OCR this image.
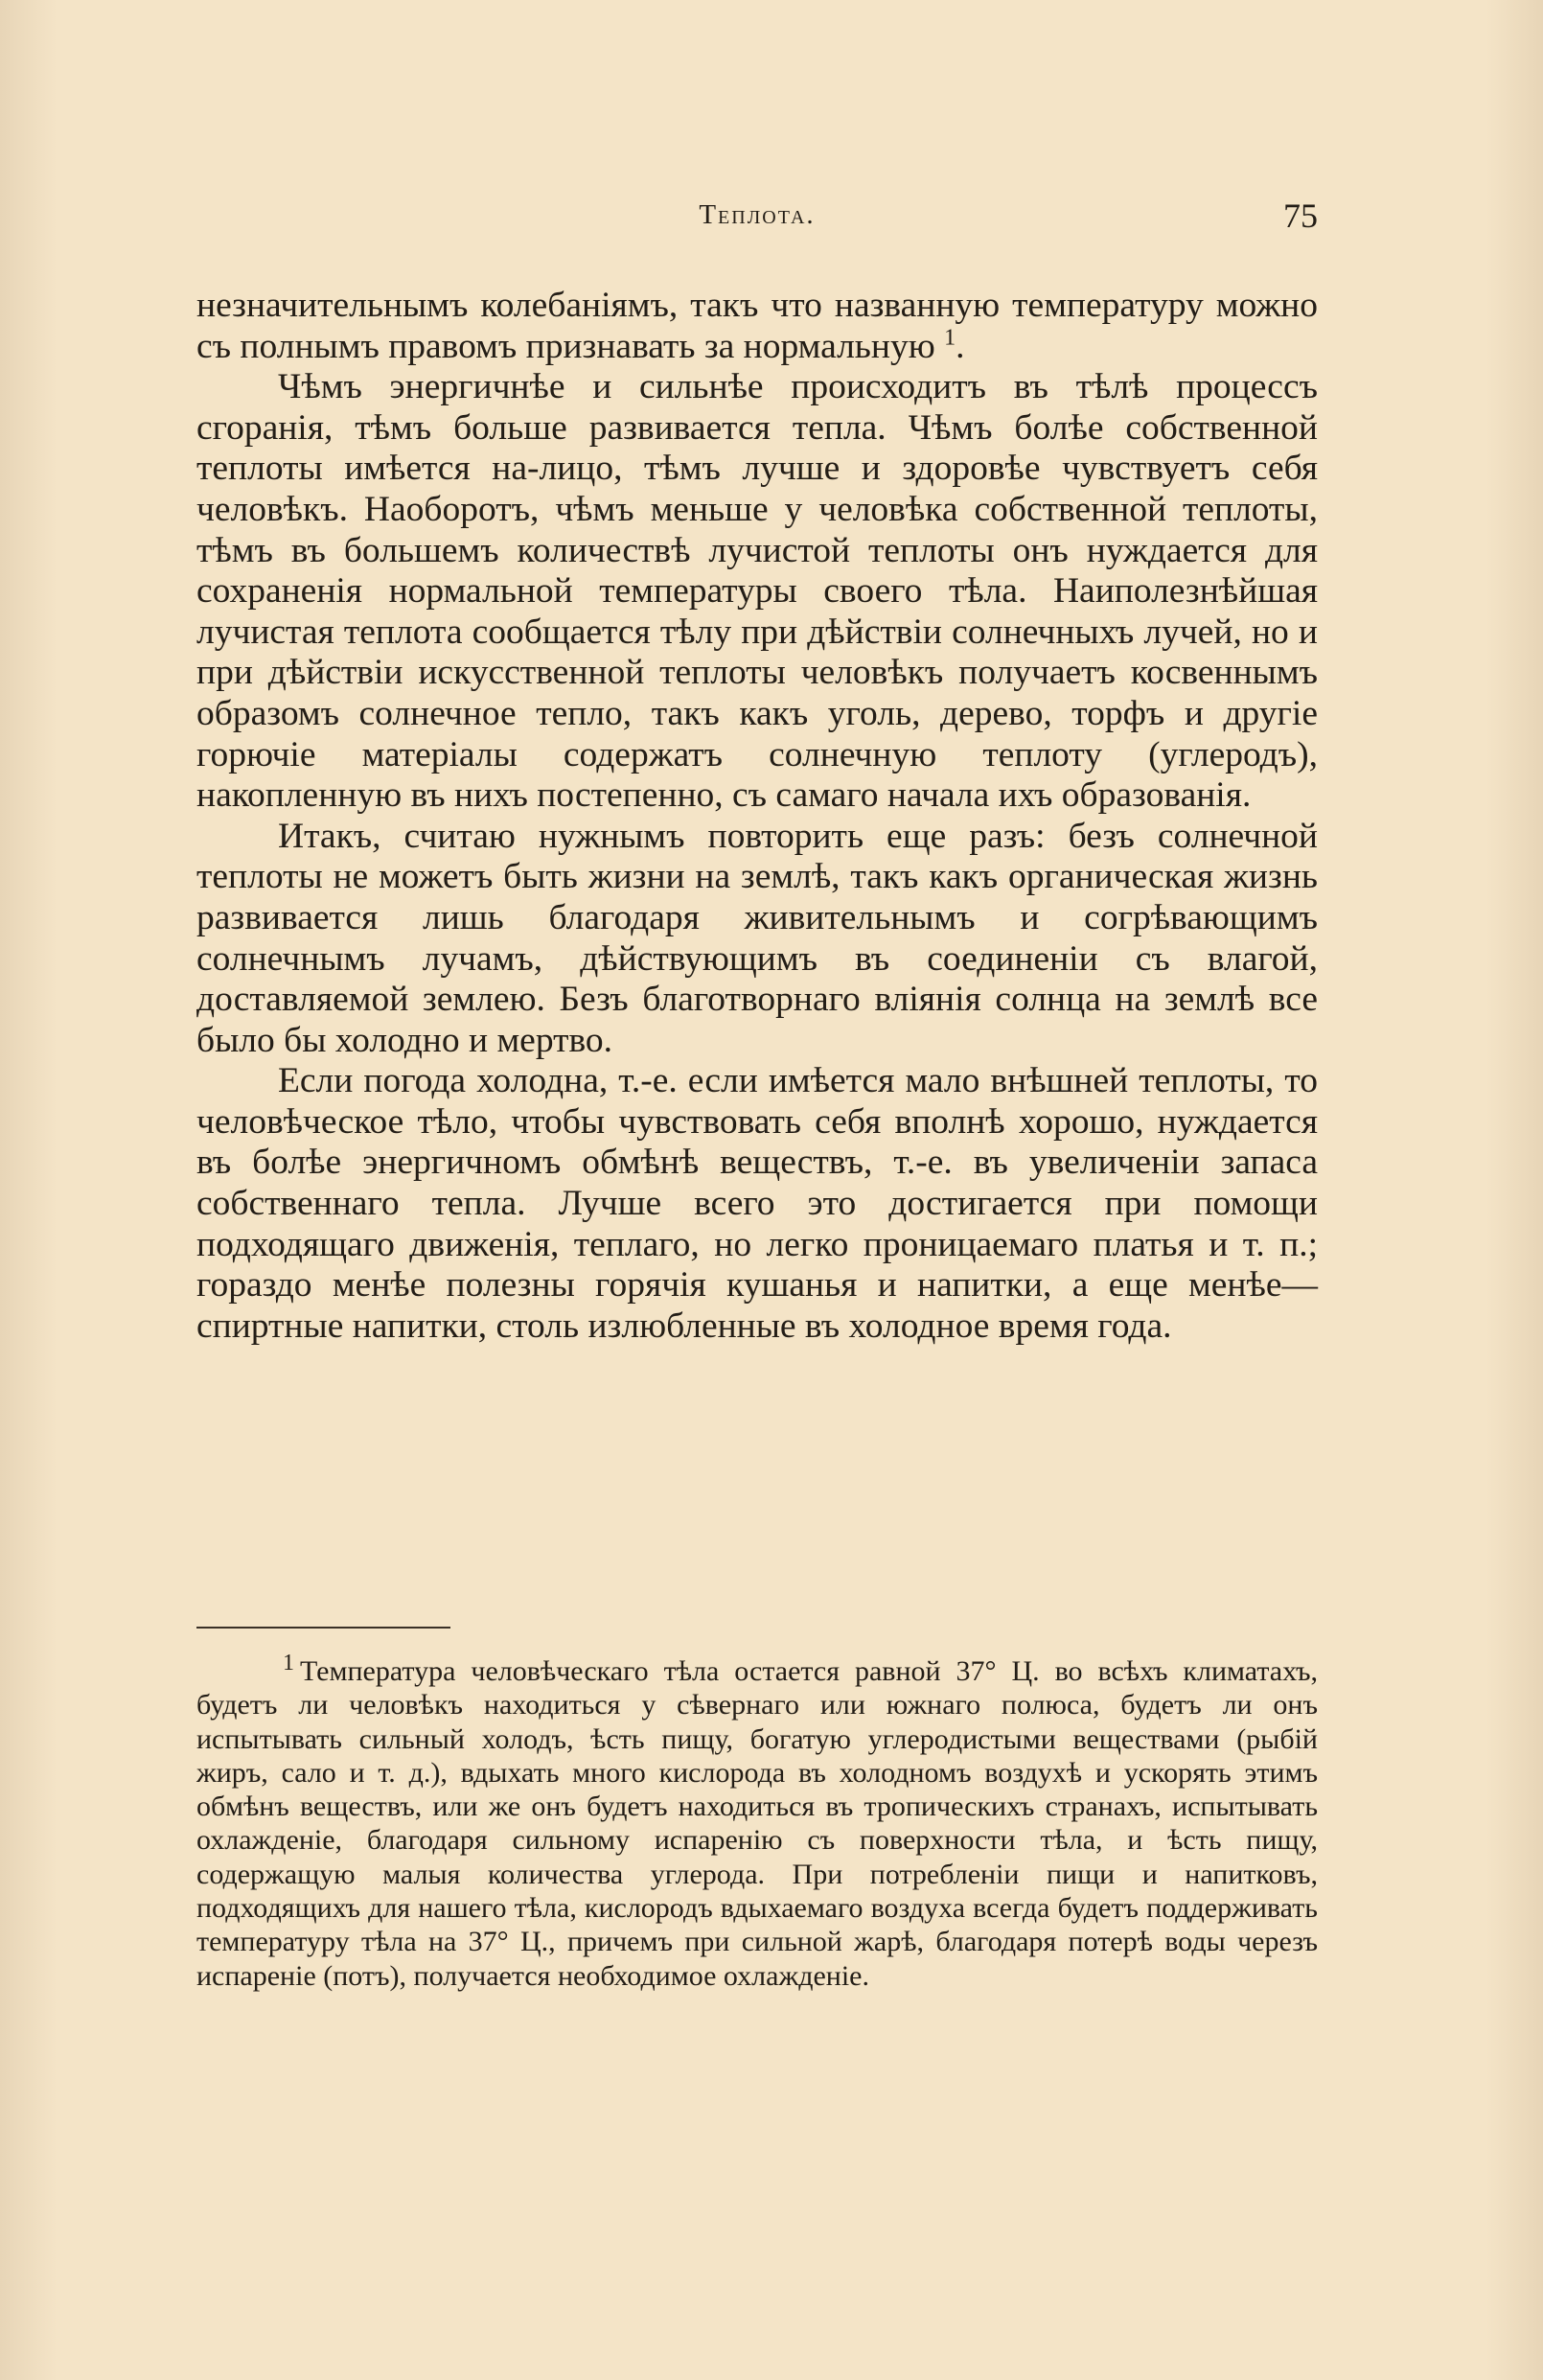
Теплота.	75

незначительнымъ колебаніямъ, такъ что названную температуру можно съ полнымъ правомъ признавать за нормальную $^1$.

Чѣмъ энергичнѣе и сильнѣе происходитъ въ тѣлѣ процессъ сгоранія, тѣмъ больше развивается тепла. Чѣмъ болѣе собственной теплоты имѣется на-лицо, тѣмъ лучше и здоровѣе чувствуетъ себя человѣкъ. Наоборотъ, чѣмъ меньше у человѣка собственной теплоты, тѣмъ въ большемъ количествѣ лучистой теплоты онъ нуждается для сохраненія нормальной температуры своего тѣла. Наиполезнѣйшая лучистая теплота сообщается тѣлу при дѣйствіи солнечныхъ лучей, но и при дѣйствіи искусственной теплоты человѣкъ получаетъ косвеннымъ образомъ солнечное тепло, такъ какъ уголь, дерево, торфъ и другіе горючіе матеріалы содержатъ солнечную теплоту (углеродъ), накопленную въ нихъ постепенно, съ самаго начала ихъ образованія.

Итакъ, считаю нужнымъ повторить еще разъ: безъ солнечной теплоты не можетъ быть жизни на землѣ, такъ какъ органическая жизнь развивается лишь благодаря живительнымъ и согрѣвающимъ солнечнымъ лучамъ, дѣйствующимъ въ соединеніи съ влагой, доставляемой землею. Безъ благотворнаго вліянія солнца на землѣ все было бы холодно и мертво.

Если погода холодна, т.-е. если имѣется мало внѣшней теплоты, то человѣческое тѣло, чтобы чувствовать себя вполнѣ хорошо, нуждается въ болѣе энергичномъ обмѣнѣ веществъ, т.-е. въ увеличеніи запаса собственнаго тепла. Лучше всего это достигается при помощи подходящаго движенія, теплаго, но легко проницаемаго платья и т. п.; гораздо менѣе полезны горячія кушанья и напитки, а еще менѣе—спиртные напитки, столь излюбленные въ холодное время года.

$^1$ Температура человѣческаго тѣла остается равной 37° Ц. во всѣхъ климатахъ, будетъ ли человѣкъ находиться у сѣвернаго или южнаго полюса, будетъ ли онъ испытывать сильный холодъ, ѣсть пищу, богатую углеродистыми веществами (рыбій жиръ, сало и т. д.), вдыхать много кислорода въ холодномъ воздухѣ и ускорять этимъ обмѣнъ веществъ, или же онъ будетъ находиться въ тропическихъ странахъ, испытывать охлажденіе, благодаря сильному испаренію съ поверхности тѣла, и ѣсть пищу, содержащую малыя количества углерода. При потребленіи пищи и напитковъ, подходящихъ для нашего тѣла, кислородъ вдыхаемаго воздуха всегда будетъ поддерживать температуру тѣла на 37° Ц., причемъ при сильной жарѣ, благодаря потерѣ воды черезъ испареніе (потъ), получается необходимое охлажденіе.
